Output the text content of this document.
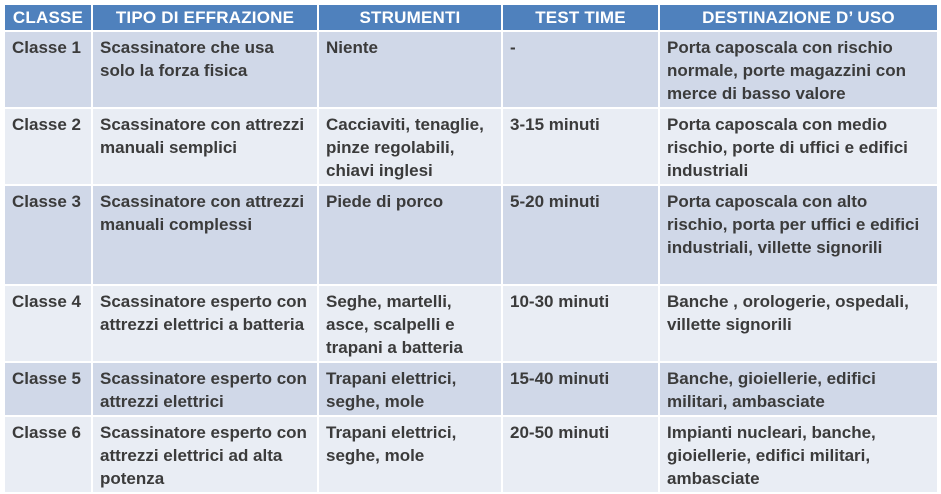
CLASSE	TIPO DI EFFRAZIONE	STRUMENTI	TEST TIME	DESTINAZIONE D’ USO
Classe 1	Scassinatore che usa solo la forza fisica	Niente	-	Porta caposcala con rischio normale, porte magazzini con merce di basso valore
Classe 2	Scassinatore con attrezzi manuali semplici	Cacciaviti, tenaglie, pinze regolabili, chiavi inglesi	3-15 minuti	Porta caposcala con medio rischio, porte di uffici e edifici industriali
Classe 3	Scassinatore con attrezzi manuali complessi	Piede di porco	5-20 minuti	Porta caposcala con alto rischio, porta per uffici e edifici industriali, villette signorili
Classe 4	Scassinatore esperto con attrezzi elettrici a batteria	Seghe, martelli, asce, scalpelli e trapani a batteria	10-30 minuti	Banche , orologerie, ospedali, villette signorili
Classe 5	Scassinatore esperto con attrezzi elettrici	Trapani elettrici, seghe, mole	15-40 minuti	Banche, gioiellerie, edifici militari, ambasciate
Classe 6	Scassinatore esperto con attrezzi elettrici ad alta potenza	Trapani elettrici, seghe, mole	20-50 minuti	Impianti nucleari, banche, gioiellerie, edifici militari, ambasciate
